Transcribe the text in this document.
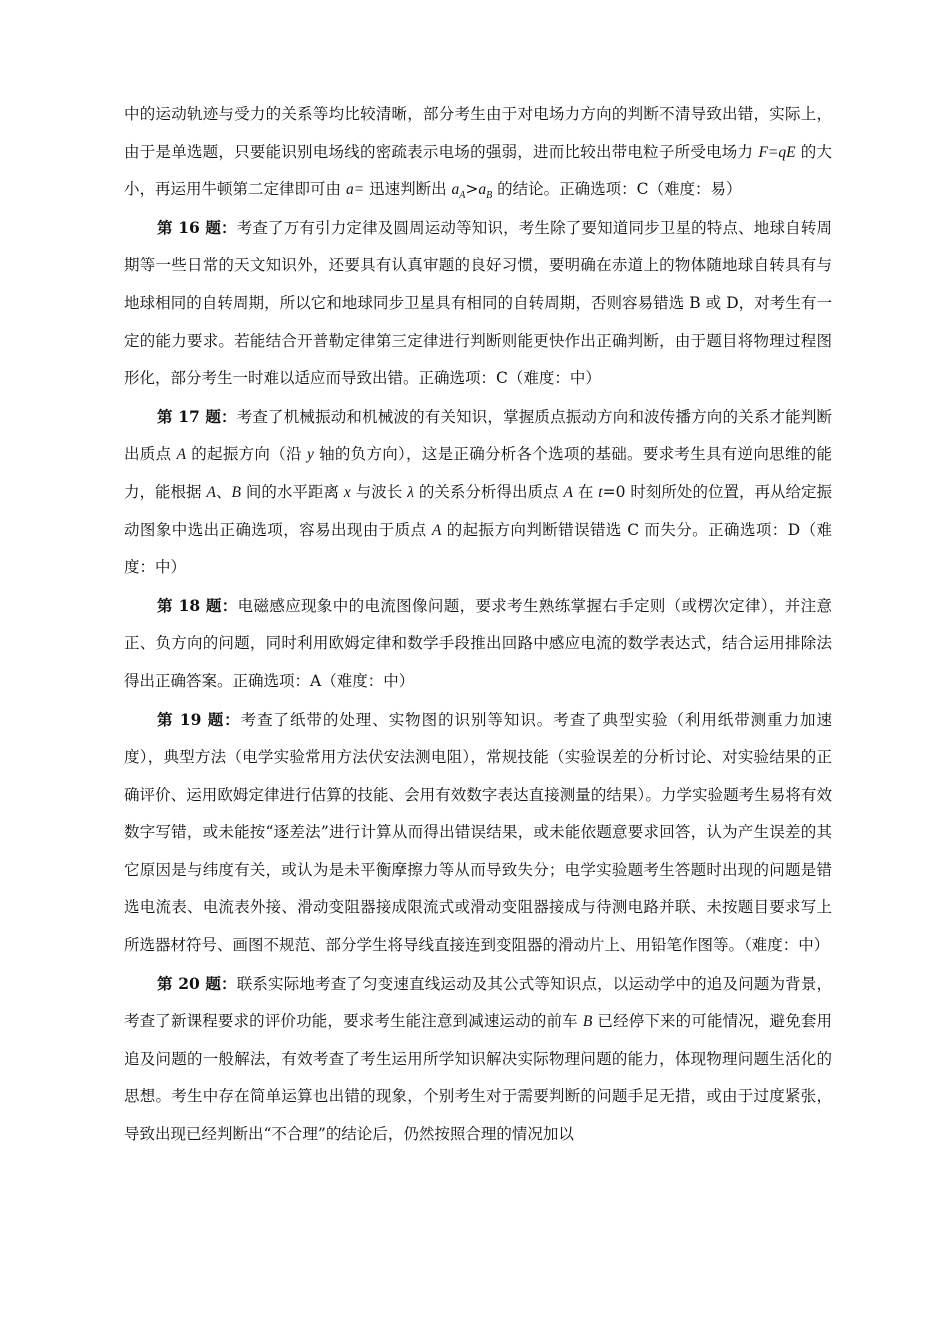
中的运动轨迹与受力的关系等均比较清晰，部分考生由于对电场力方向的判断不清导致出错，实际上，由于是单选题，只要能识别电场线的密疏表示电场的强弱，进而比较出带电粒子所受电场力 F=qE 的大小，再运用牛顿第二定律即可由 a= 迅速判断出 $a_A>a_B$ 的结论。正确选项：C（难度：易）

第 16 题：考查了万有引力定律及圆周运动等知识，考生除了要知道同步卫星的特点、地球自转周期等一些日常的天文知识外，还要具有认真审题的良好习惯，要明确在赤道上的物体随地球自转具有与地球相同的自转周期，所以它和地球同步卫星具有相同的自转周期，否则容易错选 B 或 D，对考生有一定的能力要求。若能结合开普勒定律第三定律进行判断则能更快作出正确判断，由于题目将物理过程图形化，部分考生一时难以适应而导致出错。正确选项：C（难度：中）

第 17 题：考查了机械振动和机械波的有关知识，掌握质点振动方向和波传播方向的关系才能判断出质点 A 的起振方向（沿 y 轴的负方向），这是正确分析各个选项的基础。要求考生具有逆向思维的能力，能根据 A、B 间的水平距离 x 与波长 λ 的关系分析得出质点 A 在 t=0 时刻所处的位置，再从给定振动图象中选出正确选项，容易出现由于质点 A 的起振方向判断错误错选 C 而失分。正确选项：D（难度：中）

第 18 题：电磁感应现象中的电流图像问题，要求考生熟练掌握右手定则（或楞次定律），并注意正、负方向的问题，同时利用欧姆定律和数学手段推出回路中感应电流的数学表达式，结合运用排除法得出正确答案。正确选项：A（难度：中）

第 19 题：考查了纸带的处理、实物图的识别等知识。考查了典型实验（利用纸带测重力加速度），典型方法（电学实验常用方法伏安法测电阻），常规技能（实验误差的分析讨论、对实验结果的正确评价、运用欧姆定律进行估算的技能、会用有效数字表达直接测量的结果）。力学实验题考生易将有效数字写错，或未能按“逐差法”进行计算从而得出错误结果，或未能依题意要求回答，认为产生误差的其它原因是与纬度有关，或认为是未平衡摩擦力等从而导致失分；电学实验题考生答题时出现的问题是错选电流表、电流表外接、滑动变阻器接成限流式或滑动变阻器接成与待测电路并联、未按题目要求写上所选器材符号、画图不规范、部分学生将导线直接连到变阻器的滑动片上、用铅笔作图等。（难度：中）

第 20 题：联系实际地考查了匀变速直线运动及其公式等知识点，以运动学中的追及问题为背景，考查了新课程要求的评价功能，要求考生能注意到减速运动的前车 B 已经停下来的可能情况，避免套用追及问题的一般解法，有效考查了考生运用所学知识解决实际物理问题的能力，体现物理问题生活化的思想。考生中存在简单运算也出错的现象，个别考生对于需要判断的问题手足无措，或由于过度紧张，导致出现已经判断出“不合理”的结论后，仍然按照合理的情况加以
